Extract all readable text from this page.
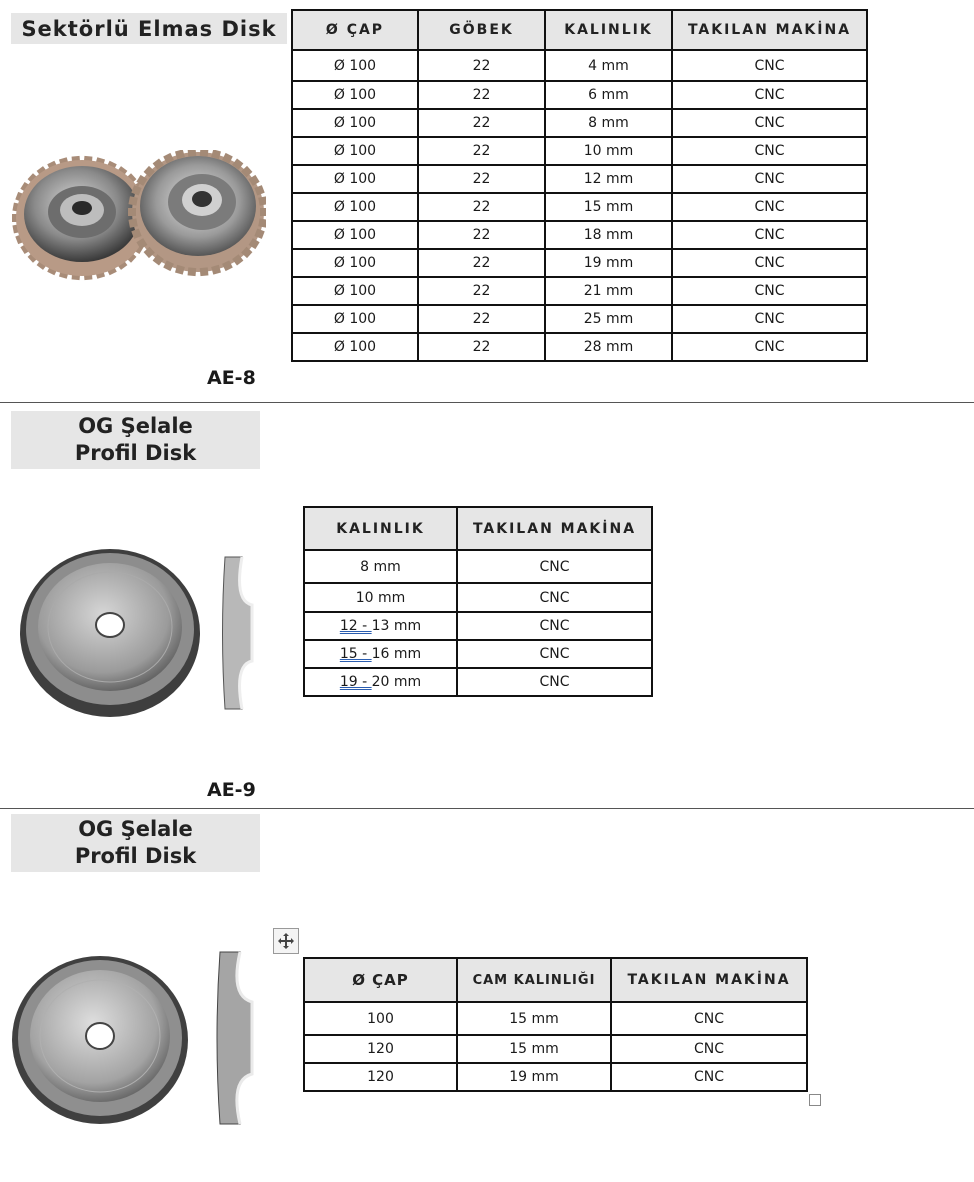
Sektörlü Elmas Disk
AE-8
Ø ÇAP	GÖBEK	KALINLIK	TAKILAN MAKİNA
Ø 100	22	4 mm	CNC
Ø 100	22	6 mm	CNC
Ø 100	22	8 mm	CNC
Ø 100	22	10 mm	CNC
Ø 100	22	12 mm	CNC
Ø 100	22	15 mm	CNC
Ø 100	22	18 mm	CNC
Ø 100	22	19 mm	CNC
Ø 100	22	21 mm	CNC
Ø 100	22	25 mm	CNC
Ø 100	22	28 mm	CNC
OG Şelale
Profil Disk
AE-9
KALINLIK	TAKILAN MAKİNA
8 mm	CNC
10 mm	CNC
12 - 13 mm	CNC
15 - 16 mm	CNC
19 - 20 mm	CNC
OG Şelale
Profil Disk
Ø ÇAP	CAM KALINLIĞI	TAKILAN MAKİNA
100	15 mm	CNC
120	15 mm	CNC
120	19 mm	CNC
